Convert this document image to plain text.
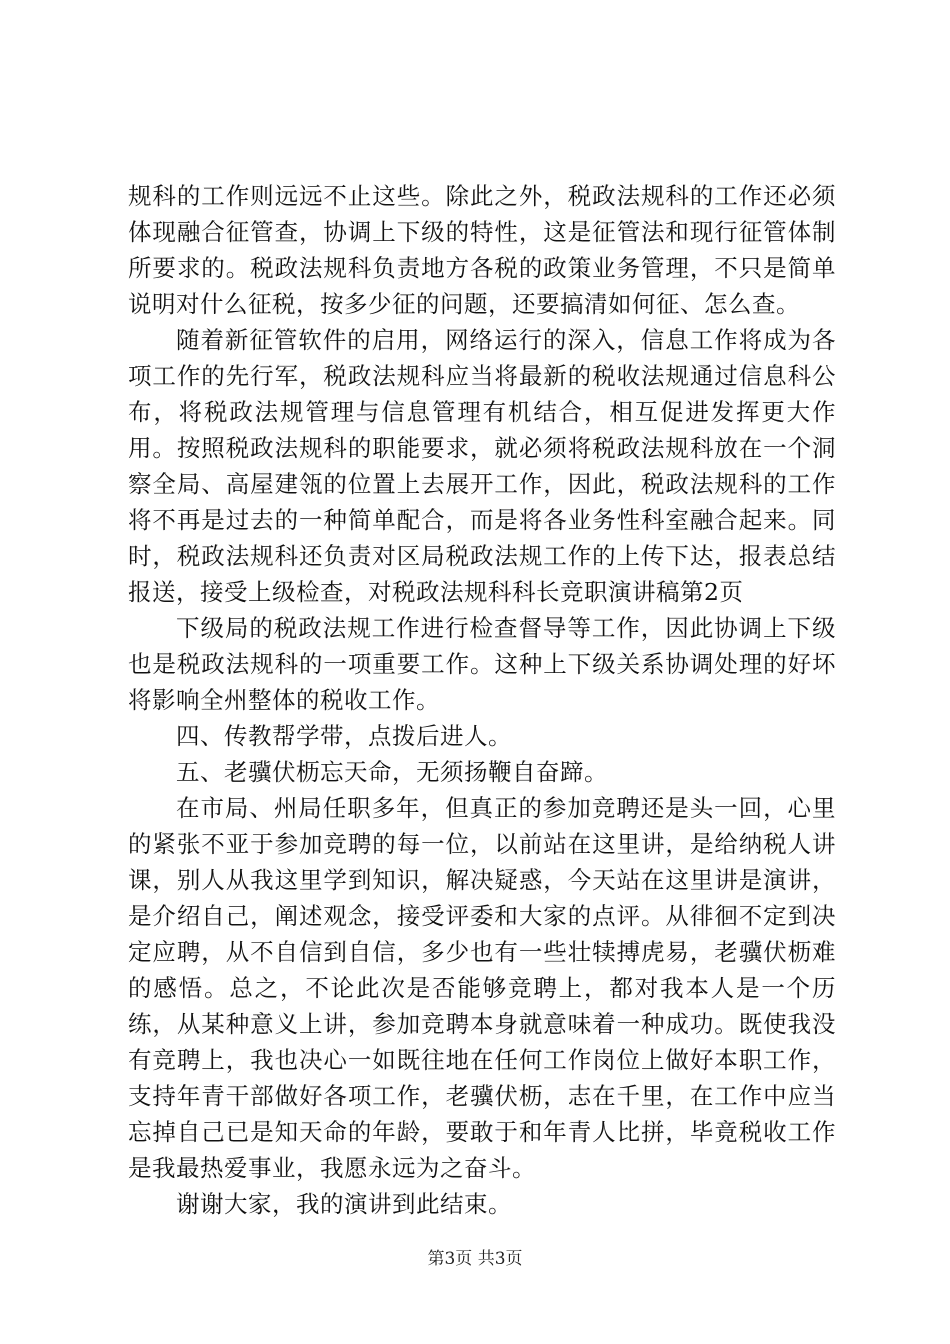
规科的工作则远远不止这些。除此之外，税政法规科的工作还必须体现融合征管查，协调上下级的特性，这是征管法和现行征管体制所要求的。税政法规科负责地方各税的政策业务管理，不只是简单说明对什么征税，按多少征的问题，还要搞清如何征、怎么查。

随着新征管软件的启用，网络运行的深入，信息工作将成为各项工作的先行军，税政法规科应当将最新的税收法规通过信息科公布，将税政法规管理与信息管理有机结合，相互促进发挥更大作用。按照税政法规科的职能要求，就必须将税政法规科放在一个洞察全局、高屋建瓴的位置上去展开工作，因此，税政法规科的工作将不再是过去的一种简单配合，而是将各业务性科室融合起来。同时，税政法规科还负责对区局税政法规工作的上传下达，报表总结报送，接受上级检查，对税政法规科科长竞职演讲稿第2页

下级局的税政法规工作进行检查督导等工作，因此协调上下级也是税政法规科的一项重要工作。这种上下级关系协调处理的好坏将影响全州整体的税收工作。

四、传教帮学带，点拨后进人。

五、老骥伏枥忘天命，无须扬鞭自奋蹄。

在市局、州局任职多年，但真正的参加竞聘还是头一回，心里的紧张不亚于参加竞聘的每一位，以前站在这里讲，是给纳税人讲课，别人从我这里学到知识，解决疑惑，今天站在这里讲是演讲，是介绍自己，阐述观念，接受评委和大家的点评。从徘徊不定到决定应聘，从不自信到自信，多少也有一些壮犊搏虎易，老骥伏枥难的感悟。总之，不论此次是否能够竞聘上，都对我本人是一个历练，从某种意义上讲，参加竞聘本身就意味着一种成功。既使我没有竞聘上，我也决心一如既往地在任何工作岗位上做好本职工作，支持年青干部做好各项工作，老骥伏枥，志在千里，在工作中应当忘掉自己已是知天命的年龄，要敢于和年青人比拼，毕竟税收工作是我最热爱事业，我愿永远为之奋斗。

谢谢大家，我的演讲到此结束。

第3页 共3页
